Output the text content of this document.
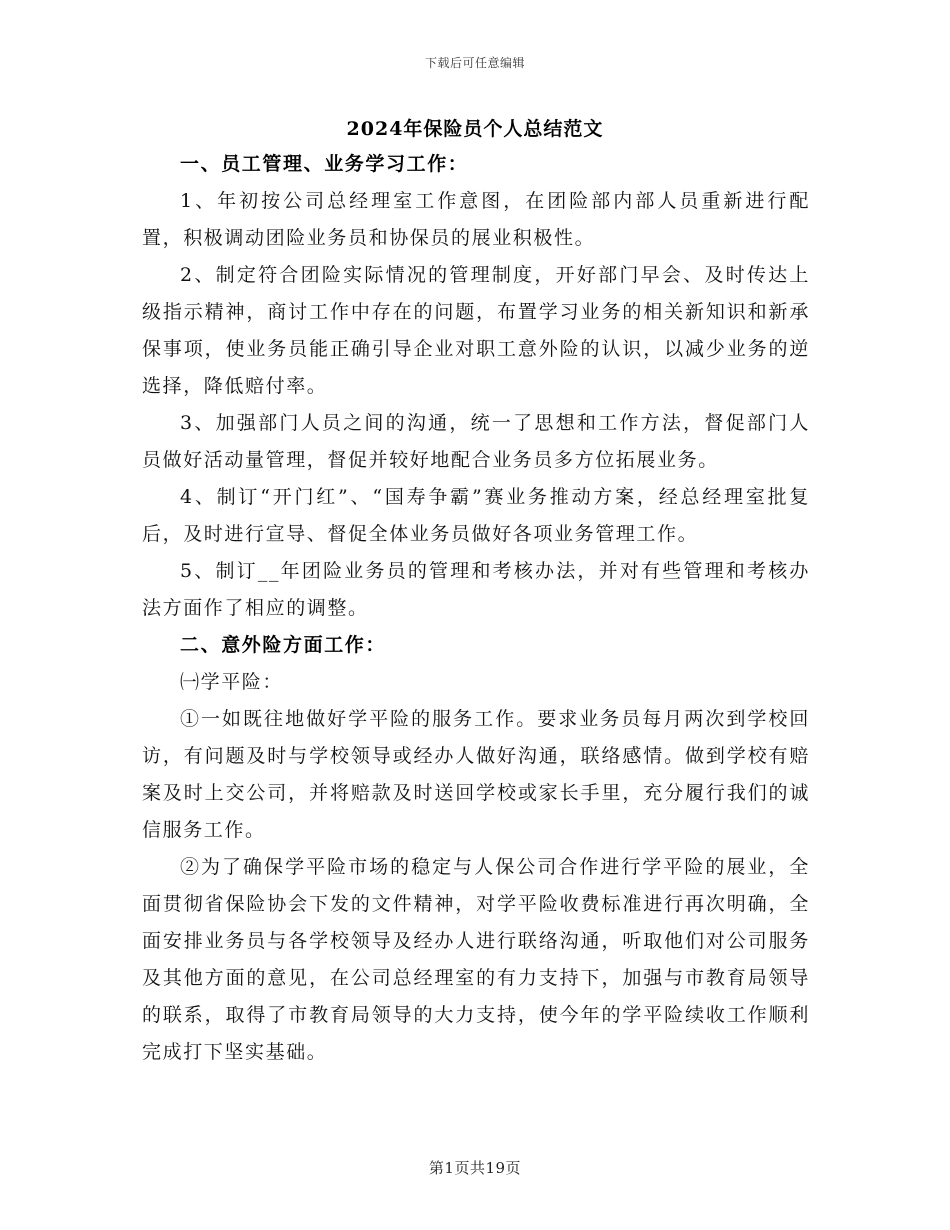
下载后可任意编辑
2024年保险员个人总结范文

一、员工管理、业务学习工作：

1、年初按公司总经理室工作意图，在团险部内部人员重新进行配置，积极调动团险业务员和协保员的展业积极性。

2、制定符合团险实际情况的管理制度，开好部门早会、及时传达上级指示精神，商讨工作中存在的问题，布置学习业务的相关新知识和新承保事项，使业务员能正确引导企业对职工意外险的认识，以减少业务的逆选择，降低赔付率。

3、加强部门人员之间的沟通，统一了思想和工作方法，督促部门人员做好活动量管理，督促并较好地配合业务员多方位拓展业务。

4、制订“开门红”、“国寿争霸”赛业务推动方案，经总经理室批复后，及时进行宣导、督促全体业务员做好各项业务管理工作。

5、制订__年团险业务员的管理和考核办法，并对有些管理和考核办法方面作了相应的调整。

二、意外险方面工作：

㈠学平险：

①一如既往地做好学平险的服务工作。要求业务员每月两次到学校回访，有问题及时与学校领导或经办人做好沟通，联络感情。做到学校有赔案及时上交公司，并将赔款及时送回学校或家长手里，充分履行我们的诚信服务工作。

②为了确保学平险市场的稳定与人保公司合作进行学平险的展业，全面贯彻省保险协会下发的文件精神，对学平险收费标准进行再次明确，全面安排业务员与各学校领导及经办人进行联络沟通，听取他们对公司服务及其他方面的意见，在公司总经理室的有力支持下，加强与市教育局领导的联系，取得了市教育局领导的大力支持，使今年的学平险续收工作顺利完成打下坚实基础。

第1页共19页
